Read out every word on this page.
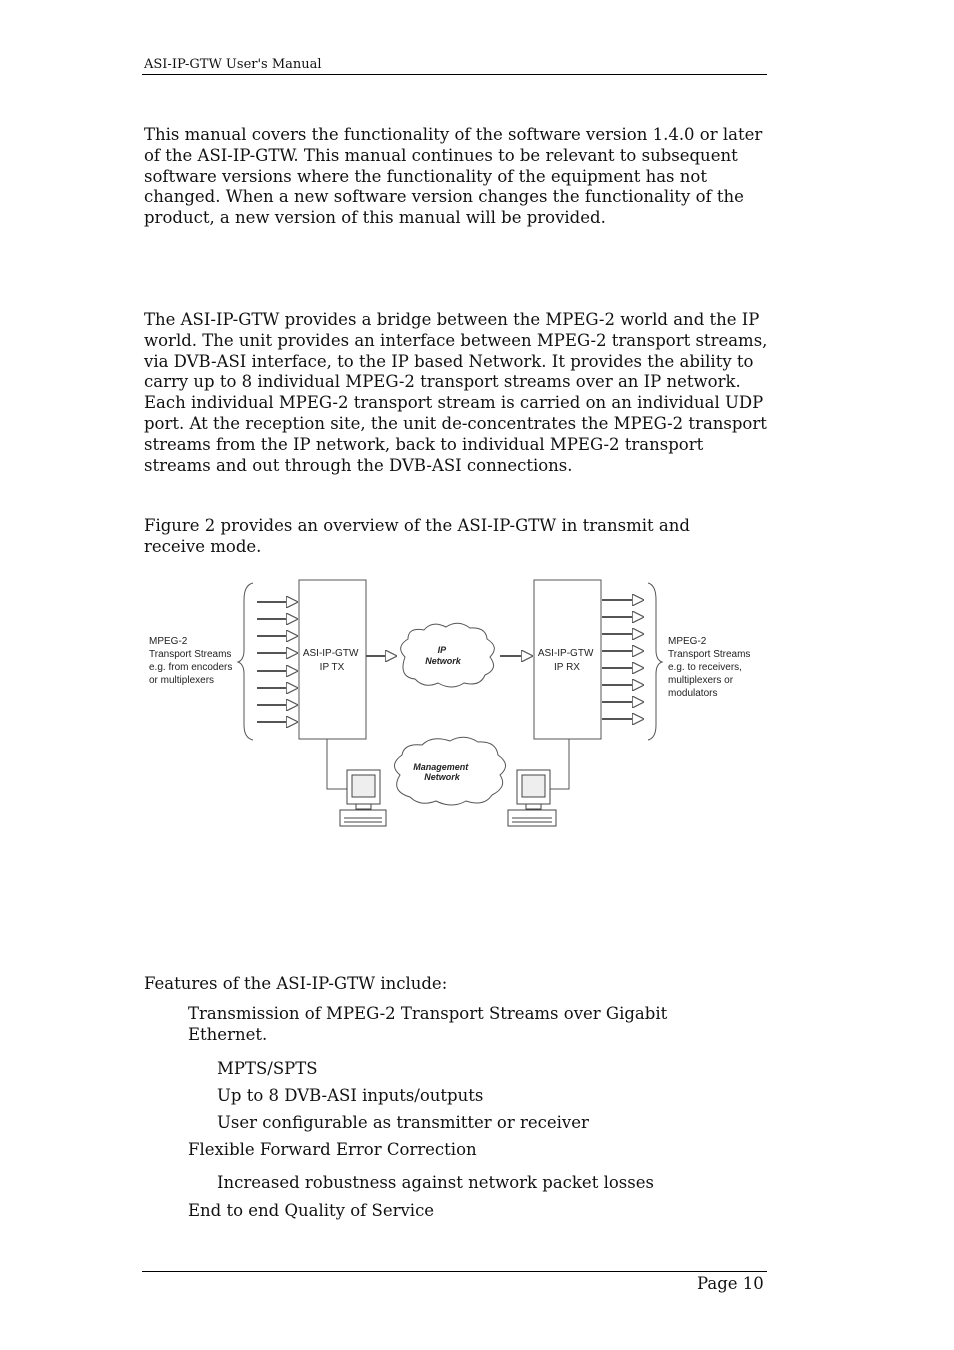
ASI-IP-GTW User's Manual

This manual covers the functionality of the software version 1.4.0 or later of the ASI-IP-GTW. This manual continues to be relevant to subsequent software versions where the functionality of the equipment has not changed. When a new software version changes the functionality of the product, a new version of this manual will be provided.

The ASI-IP-GTW provides a bridge between the MPEG-2 world and the IP world. The unit provides an interface between MPEG-2 transport streams, via DVB-ASI interface, to the IP based Network. It provides the ability to carry up to 8 individual MPEG-2 transport streams over an IP network. Each individual MPEG-2 transport stream is carried on an individual UDP port. At the reception site, the unit de-concentrates the MPEG-2 transport streams from the IP network, back to individual MPEG-2 transport streams and out through the DVB-ASI connections.

Figure 2 provides an overview of the ASI-IP-GTW in transmit and receive mode.

MPEG-2 Transport Streams e.g. from encoders or multiplexers
ASI-IP-GTW IP TX
IP Network
ASI-IP-GTW IP RX
MPEG-2 Transport Streams e.g. to receivers, multiplexers or modulators
Management Network
Features of the ASI-IP-GTW include:
Transmission of MPEG-2 Transport Streams over Gigabit
Ethernet.
MPTS/SPTS
Up to 8 DVB-ASI inputs/outputs
User configurable as transmitter or receiver
Flexible Forward Error Correction
Increased robustness against network packet losses
End to end Quality of Service
Page 10
